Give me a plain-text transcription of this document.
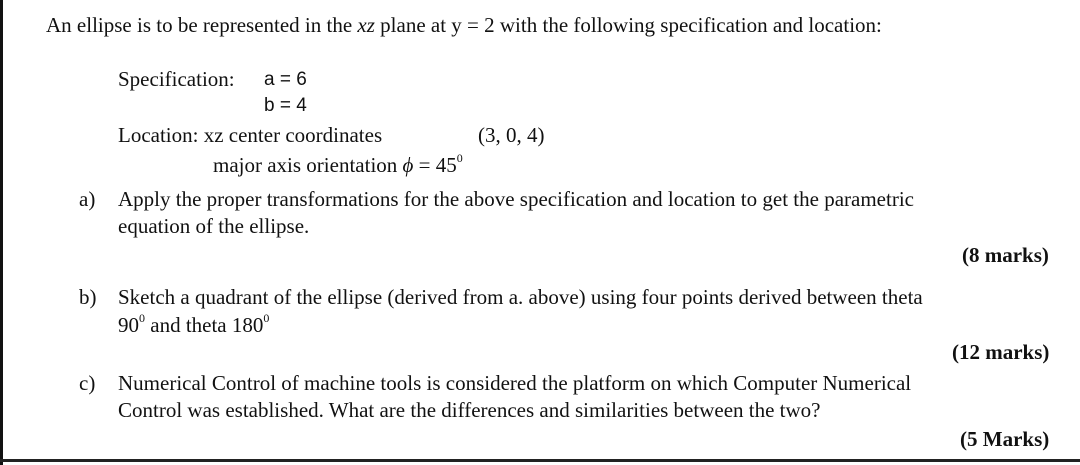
An ellipse is to be represented in the xz plane at y = 2 with the following specification and location:
Specification: a = 6
b = 4
Location: xz center coordinates	(3, 0, 4)
major axis orientation $\phi = 45^0$
a) Apply the proper transformations for the above specification and location to get the parametric
equation of the ellipse.
(8 marks)
b) Sketch a quadrant of the ellipse (derived from a. above) using four points derived between theta
$90^0$ and theta $180^0$
(12 marks)
c) Numerical Control of machine tools is considered the platform on which Computer Numerical
Control was established. What are the differences and similarities between the two?
(5 Marks)
